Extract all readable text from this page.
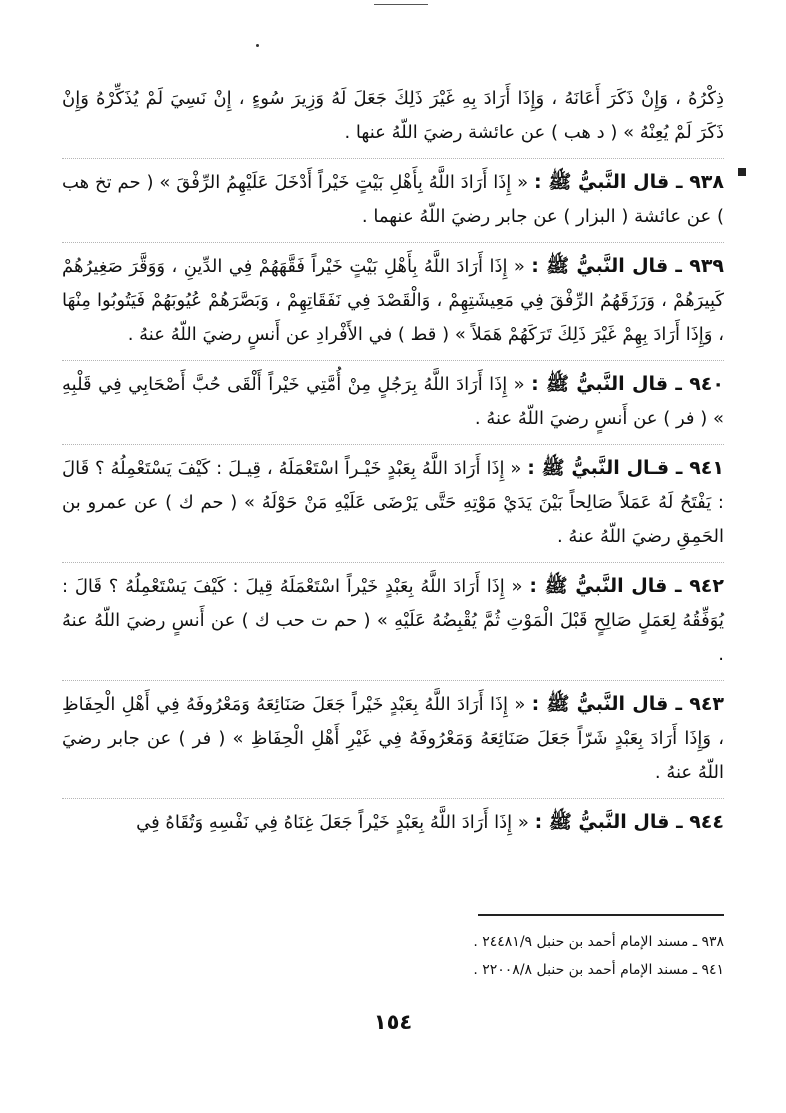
ذِكْرُهُ ، وَإِنْ ذَكَرَ أَعَانَهُ ، وَإِذَا أَرَادَ بِهِ غَيْرَ ذَلِكَ جَعَلَ لَهُ وَزِيرَ سُوءٍ ، إِنْ نَسِيَ لَمْ يُذَكِّرْهُ وَإِنْ ذَكَرَ لَمْ يُعِنْهُ » ( د هب ) عن عائشة رضيَ اللّهُ عنها .

٩٣٨ ـ قال النَّبيُّ ﷺ : « إِذَا أَرَادَ اللَّهُ بِأَهْلِ بَيْتٍ خَيْراً أَدْخَلَ عَلَيْهِمُ الرِّفْقَ » ( حم تخ هب ) عن عائشة ( البزار ) عن جابر رضيَ اللّهُ عنهما .

٩٣٩ ـ قال النَّبيُّ ﷺ : « إِذَا أَرَادَ اللَّهُ بِأَهْلِ بَيْتٍ خَيْراً فَقَّهَهُمْ فِي الدِّينِ ، وَوَقَّرَ صَغِيرُهُمْ كَبِيرَهُمْ ، وَرَزَقَهُمُ الرِّفْقَ فِي مَعِيشَتِهِمْ ، وَالْقَصْدَ فِي نَفَقَاتِهِمْ ، وَبَصَّرَهُمْ عُيُوبَهُمْ فَيَتُوبُوا مِنْهَا ، وَإِذَا أَرَادَ بِهِمْ غَيْرَ ذَلِكَ تَرَكَهُمْ هَمَلاً » ( قط ) في الأَفْرادِ عن أَنسٍ رضيَ اللّهُ عنهُ .

٩٤٠ ـ قال النَّبيُّ ﷺ : « إِذَا أَرَادَ اللَّهُ بِرَجُلٍ مِنْ أُمَّتِي خَيْراً أَلْقَى حُبَّ أَصْحَابِي فِي قَلْبِهِ » ( فر ) عن أَنسٍ رضيَ اللّهُ عنهُ .

٩٤١ ـ قـال النَّبيُّ ﷺ : « إِذَا أَرَادَ اللَّهُ بِعَبْدٍ خَيْـراً اسْتَعْمَلَهُ ، قِيـلَ : كَيْفَ يَسْتَعْمِلُهُ ؟ قَالَ : يَفْتَحُ لَهُ عَمَلاً صَالِحاً بَيْنَ يَدَيْ مَوْتِهِ حَتَّى يَرْضَى عَلَيْهِ مَنْ حَوْلَهُ » ( حم ك ) عن عمرو بن الحَمِقِ رضيَ اللّهُ عنهُ .

٩٤٢ ـ قال النَّبيُّ ﷺ : « إِذَا أَرَادَ اللَّهُ بِعَبْدٍ خَيْراً اسْتَعْمَلَهُ قِيلَ : كَيْفَ يَسْتَعْمِلُهُ ؟ قَالَ : يُوَفِّقُهُ لِعَمَلٍ صَالِحٍ قَبْلَ الْمَوْتِ ثُمَّ يُقْبِضُهُ عَلَيْهِ » ( حم ت حب ك ) عن أَنسٍ رضيَ اللّهُ عنهُ .

٩٤٣ ـ قال النَّبيُّ ﷺ : « إِذَا أَرَادَ اللَّهُ بِعَبْدٍ خَيْراً جَعَلَ صَنَائِعَهُ وَمَعْرُوفَهُ فِي أَهْلِ الْحِفَاظِ ، وَإِذَا أَرَادَ بِعَبْدٍ شَرّاً جَعَلَ صَنَائِعَهُ وَمَعْرُوفَهُ فِي غَيْرِ أَهْلِ الْحِفَاظِ » ( فر ) عن جابر رضيَ اللّهُ عنهُ .

٩٤٤ ـ قال النَّبيُّ ﷺ : « إِذَا أَرَادَ اللَّهُ بِعَبْدٍ خَيْراً جَعَلَ غِنَاهُ فِي نَفْسِهِ وَتُقَاهُ فِي

٩٣٨ ـ مسند الإمام أحمد بن حنبل ٢٤٤٨١/٩ .

٩٤١ ـ مسند الإمام أحمد بن حنبل ٢٢٠٠٨/٨ .

١٥٤
